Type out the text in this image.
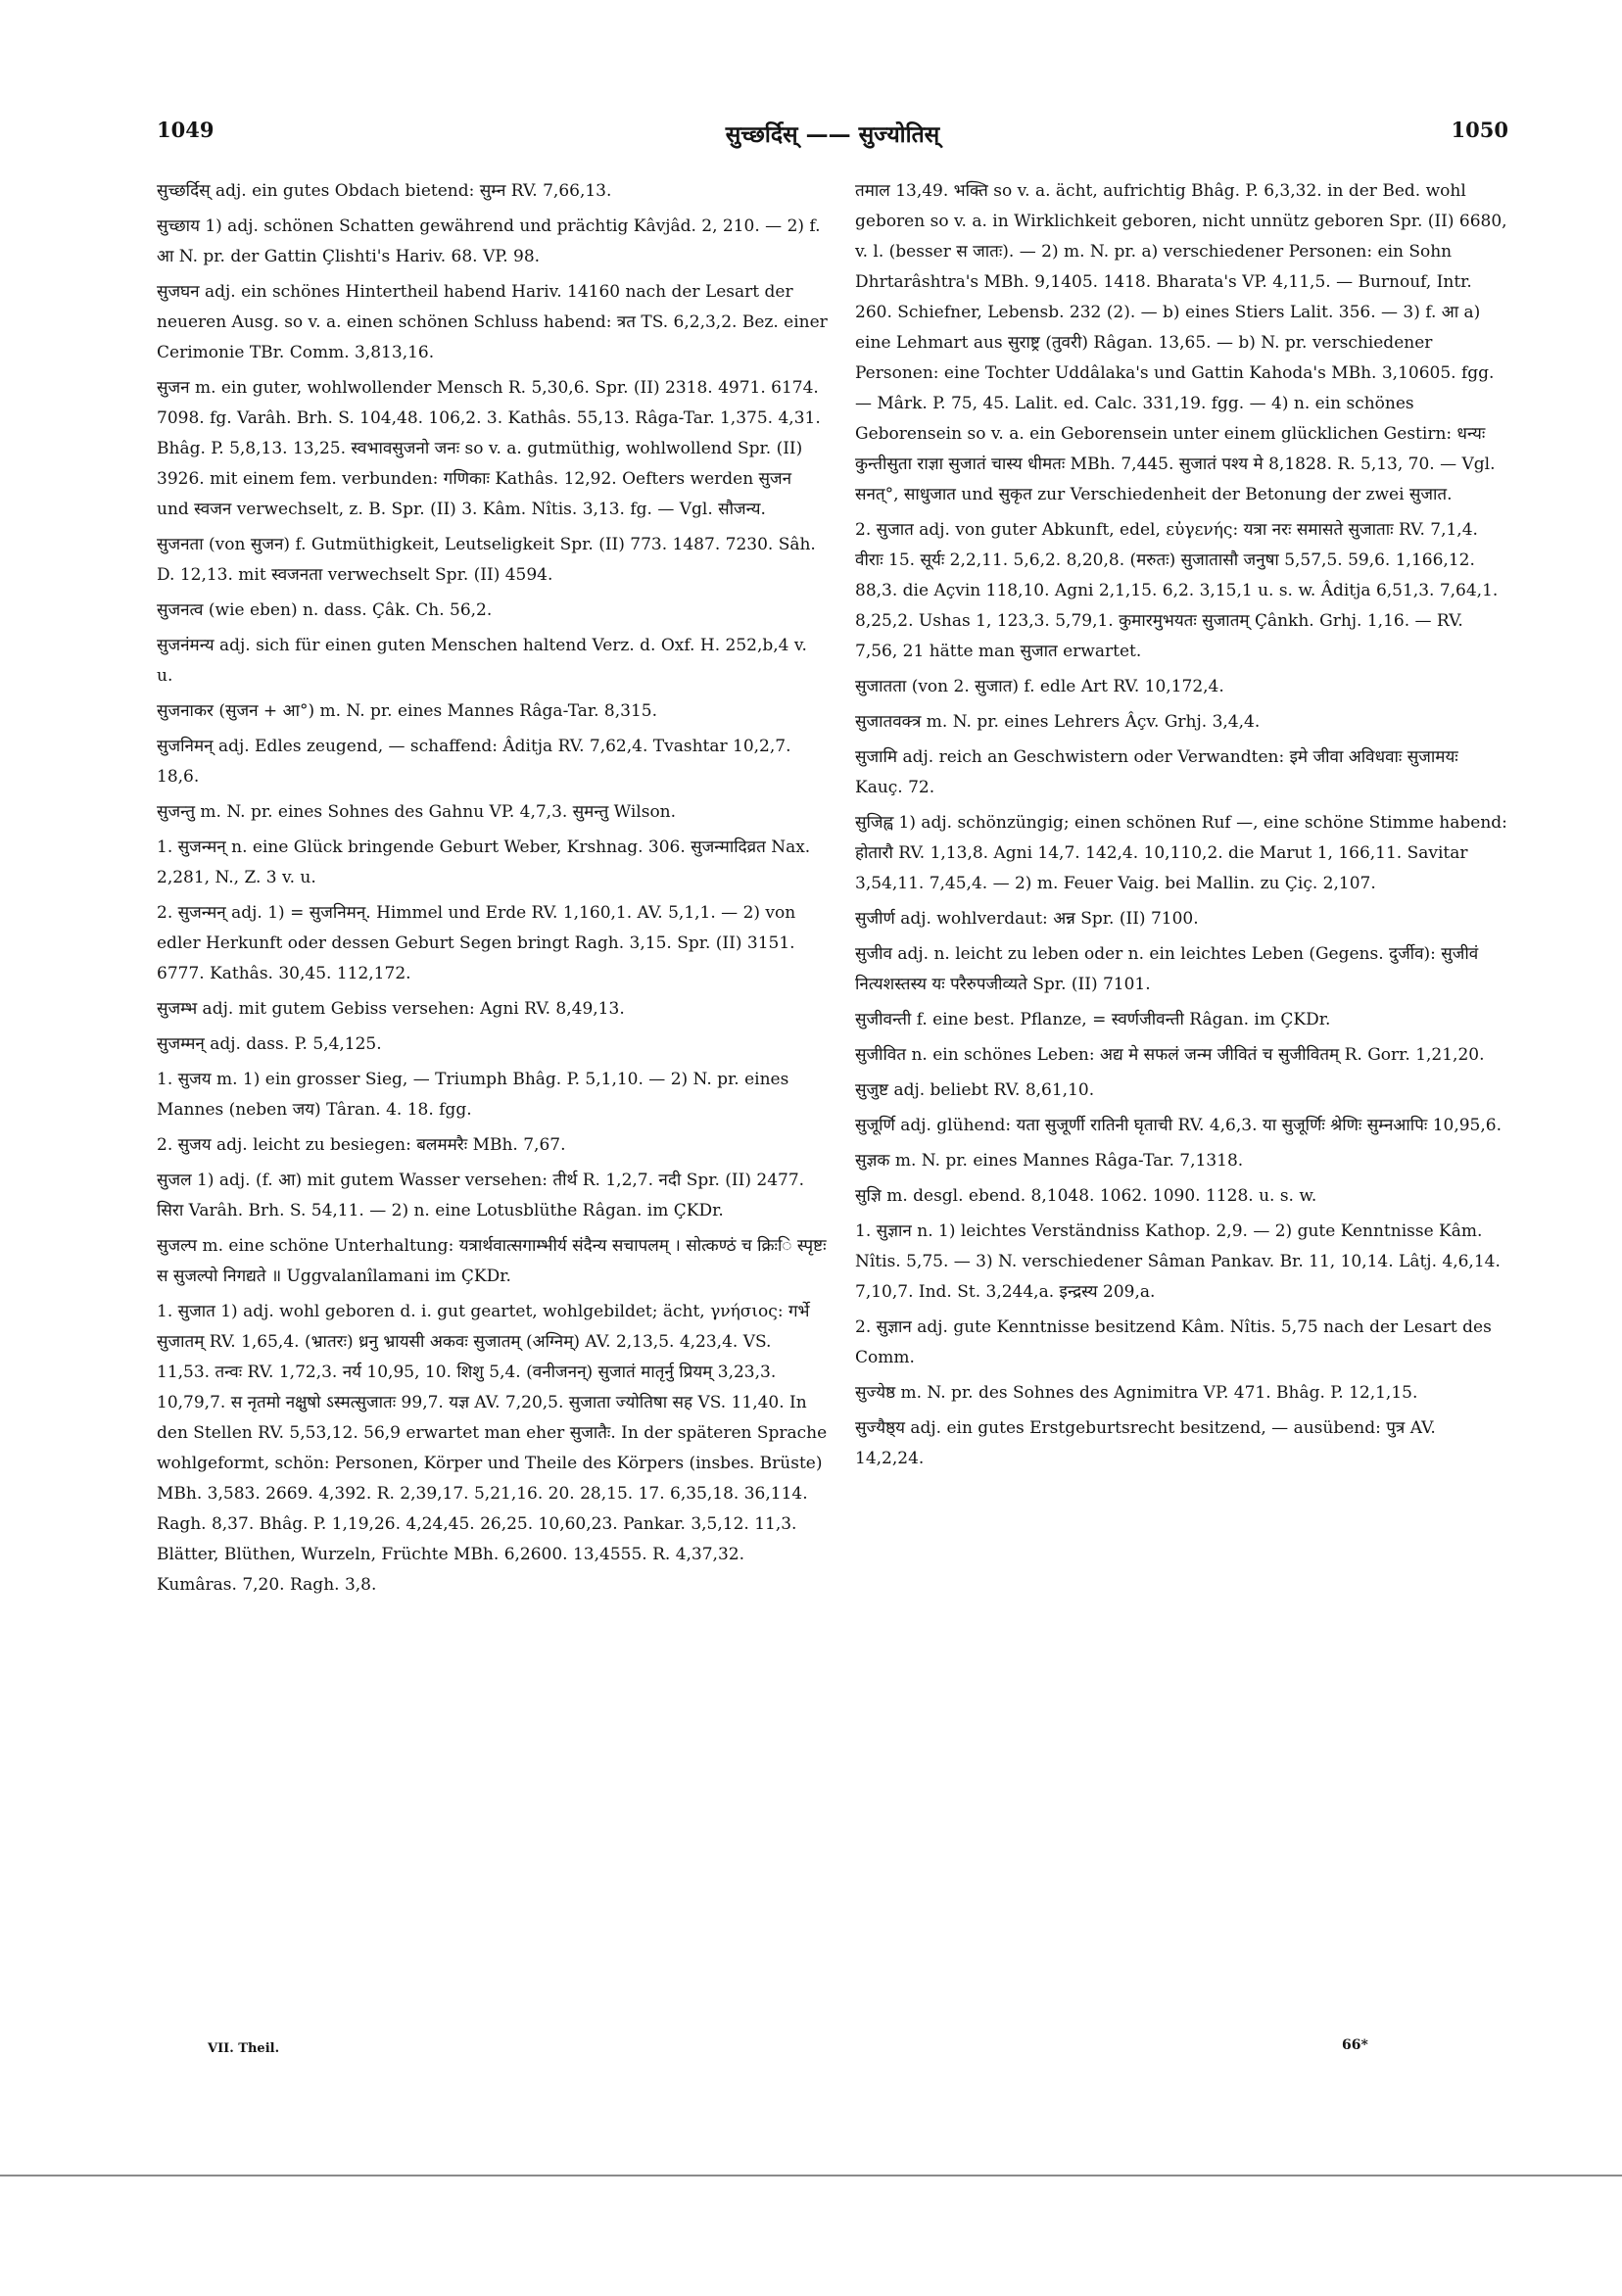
1049	सुच्छर्दिस् —— सुज्योतिस्	1050

सुच्छर्दिस् adj. ein gutes Obdach bietend: सुम्न RV. 7,66,13.

सुच्छाय 1) adj. schönen Schatten gewährend und prächtig Kâvjâd. 2, 210. — 2) f. आ N. pr. der Gattin Çlishti's Hariv. 68. VP. 98.

सुजघन adj. ein schönes Hintertheil habend Hariv. 14160 nach der Lesart der neueren Ausg. so v. a. einen schönen Schluss habend: त्रत TS. 6,2,3,2. Bez. einer Cerimonie TBr. Comm. 3,813,16.

सुजन m. ein guter, wohlwollender Mensch R. 5,30,6. Spr. (II) 2318. 4971. 6174. 7098. fg. Varâh. Brh. S. 104,48. 106,2. 3. Kathâs. 55,13. Râga-Tar. 1,375. 4,31. Bhâg. P. 5,8,13. 13,25. स्वभावसुजनो जनः so v. a. gutmüthig, wohlwollend Spr. (II) 3926. mit einem fem. verbunden: गणिकाः Kathâs. 12,92. Oefters werden सुजन und स्वजन verwechselt, z. B. Spr. (II) 3. Kâm. Nîtis. 3,13. fg. — Vgl. सौजन्य.

सुजनता (von सुजन) f. Gutmüthigkeit, Leutseligkeit Spr. (II) 773. 1487. 7230. Sâh. D. 12,13. mit स्वजनता verwechselt Spr. (II) 4594.

सुजनत्व (wie eben) n. dass. Çâk. Ch. 56,2.

सुजनंमन्य adj. sich für einen guten Menschen haltend Verz. d. Oxf. H. 252,b,4 v. u.

सुजनाकर (सुजन + आ°) m. N. pr. eines Mannes Râga-Tar. 8,315.

सुजनिमन् adj. Edles zeugend, — schaffend: Âditja RV. 7,62,4. Tvashtar 10,2,7. 18,6.

सुजन्तु m. N. pr. eines Sohnes des Gahnu VP. 4,7,3. सुमन्तु Wilson.

1. सुजन्मन् n. eine Glück bringende Geburt Weber, Krshnag. 306. सुजन्मादिव्रत Nax. 2,281, N., Z. 3 v. u.

2. सुजन्मन् adj. 1) = सुजनिमन्. Himmel und Erde RV. 1,160,1. AV. 5,1,1. — 2) von edler Herkunft oder dessen Geburt Segen bringt Ragh. 3,15. Spr. (II) 3151. 6777. Kathâs. 30,45. 112,172.

सुजम्भ adj. mit gutem Gebiss versehen: Agni RV. 8,49,13.

सुजम्मन् adj. dass. P. 5,4,125.

1. सुजय m. 1) ein grosser Sieg, — Triumph Bhâg. P. 5,1,10. — 2) N. pr. eines Mannes (neben जय) Târan. 4. 18. fgg.

2. सुजय adj. leicht zu besiegen: बलममरैः MBh. 7,67.

सुजल 1) adj. (f. आ) mit gutem Wasser versehen: तीर्थ R. 1,2,7. नदी Spr. (II) 2477. सिरा Varâh. Brh. S. 54,11. — 2) n. eine Lotusblüthe Râgan. im ÇKDr.

सुजल्प m. eine schöne Unterhaltung: यत्रार्थवात्सगाम्भीर्य संदैन्य सचापलम् । सोत्कण्ठं च क्रिःि स्पृष्टः स सुजल्पो निगद्यते ॥ Uggvalanîlamani im ÇKDr.

1. सुजात 1) adj. wohl geboren d. i. gut geartet, wohlgebildet; ächt, γνήσιος: गर्भे सुजातम् RV. 1,65,4. (भ्रातरः) ध्रनु भ्रायसी अकवः सुजातम् (अग्निम्) AV. 2,13,5. 4,23,4. VS. 11,53. तन्वः RV. 1,72,3. नर्य 10,95, 10. शिशु 5,4. (वनीजनन्) सुजातं मातृर्नु प्रियम् 3,23,3. 10,79,7. स नृतमो नक्षुषो ऽस्मत्सुजातः 99,7. यज्ञ AV. 7,20,5. सुजाता ज्योतिषा सह VS. 11,40. In den Stellen RV. 5,53,12. 56,9 erwartet man eher सुजातैः. In der späteren Sprache wohlgeformt, schön: Personen, Körper und Theile des Körpers (insbes. Brüste) MBh. 3,583. 2669. 4,392. R. 2,39,17. 5,21,16. 20. 28,15. 17. 6,35,18. 36,114. Ragh. 8,37. Bhâg. P. 1,19,26. 4,24,45. 26,25. 10,60,23. Pankar. 3,5,12. 11,3. Blätter, Blüthen, Wurzeln, Früchte MBh. 6,2600. 13,4555. R. 4,37,32. Kumâras. 7,20. Ragh. 3,8.

तमाल 13,49. भक्ति so v. a. ächt, aufrichtig Bhâg. P. 6,3,32. in der Bed. wohl geboren so v. a. in Wirklichkeit geboren, nicht unnütz geboren Spr. (II) 6680, v. l. (besser स जातः). — 2) m. N. pr. a) verschiedener Personen: ein Sohn Dhrtarâshtra's MBh. 9,1405. 1418. Bharata's VP. 4,11,5. — Burnouf, Intr. 260. Schiefner, Lebensb. 232 (2). — b) eines Stiers Lalit. 356. — 3) f. आ a) eine Lehmart aus सुराष्ट्र (तुवरी) Râgan. 13,65. — b) N. pr. verschiedener Personen: eine Tochter Uddâlaka's und Gattin Kahoda's MBh. 3,10605. fgg. — Mârk. P. 75, 45. Lalit. ed. Calc. 331,19. fgg. — 4) n. ein schönes Geborensein so v. a. ein Geborensein unter einem glücklichen Gestirn: धन्यः कुन्तीसुता राज्ञा सुजातं चास्य धीमतः MBh. 7,445. सुजातं पश्य मे 8,1828. R. 5,13, 70. — Vgl. सनत्°, साधुजात und सुकृत zur Verschiedenheit der Betonung der zwei सुजात.

2. सुजात adj. von guter Abkunft, edel, εὐγενής: यत्रा नरः समासते सुजाताः RV. 7,1,4. वीराः 15. सूर्यः 2,2,11. 5,6,2. 8,20,8. (मरुतः) सुजातासौ जनुषा 5,57,5. 59,6. 1,166,12. 88,3. die Açvin 118,10. Agni 2,1,15. 6,2. 3,15,1 u. s. w. Âditja 6,51,3. 7,64,1. 8,25,2. Ushas 1, 123,3. 5,79,1. कुमारमुभयतः सुजातम् Çânkh. Grhj. 1,16. — RV. 7,56, 21 hätte man सुजात erwartet.

सुजातता (von 2. सुजात) f. edle Art RV. 10,172,4.

सुजातवक्त्र m. N. pr. eines Lehrers Âçv. Grhj. 3,4,4.

सुजामि adj. reich an Geschwistern oder Verwandten: इमे जीवा अविधवाः सुजामयः Kauç. 72.

सुजिह्व 1) adj. schönzüngig; einen schönen Ruf —, eine schöne Stimme habend: होतारौ RV. 1,13,8. Agni 14,7. 142,4. 10,110,2. die Marut 1, 166,11. Savitar 3,54,11. 7,45,4. — 2) m. Feuer Vaig. bei Mallin. zu Çiç. 2,107.

सुजीर्ण adj. wohlverdaut: अन्न Spr. (II) 7100.

सुजीव adj. n. leicht zu leben oder n. ein leichtes Leben (Gegens. दुर्जीव): सुजीवं नित्यशस्तस्य यः परैरुपजीव्यते Spr. (II) 7101.

सुजीवन्ती f. eine best. Pflanze, = स्वर्णजीवन्ती Râgan. im ÇKDr.

सुजीवित n. ein schönes Leben: अद्य मे सफलं जन्म जीवितं च सुजीवितम् R. Gorr. 1,21,20.

सुजुष्ट adj. beliebt RV. 8,61,10.

सुजूर्णि adj. glühend: यता सुजूर्णी रातिनी घृताची RV. 4,6,3. या सुजूर्णिः श्रेणिः सुम्नआपिः 10,95,6.

सुज्ञक m. N. pr. eines Mannes Râga-Tar. 7,1318.

सुज्ञि m. desgl. ebend. 8,1048. 1062. 1090. 1128. u. s. w.

1. सुज्ञान n. 1) leichtes Verständniss Kathop. 2,9. — 2) gute Kenntnisse Kâm. Nîtis. 5,75. — 3) N. verschiedener Sâman Pankav. Br. 11, 10,14. Lâtj. 4,6,14. 7,10,7. Ind. St. 3,244,a. इन्द्रस्य 209,a.

2. सुज्ञान adj. gute Kenntnisse besitzend Kâm. Nîtis. 5,75 nach der Lesart des Comm.

सुज्येष्ठ m. N. pr. des Sohnes des Agnimitra VP. 471. Bhâg. P. 12,1,15.

सुज्यैष्ठ्य adj. ein gutes Erstgeburtsrecht besitzend, — ausübend: पुत्र AV. 14,2,24.

VII. Theil.	66*
